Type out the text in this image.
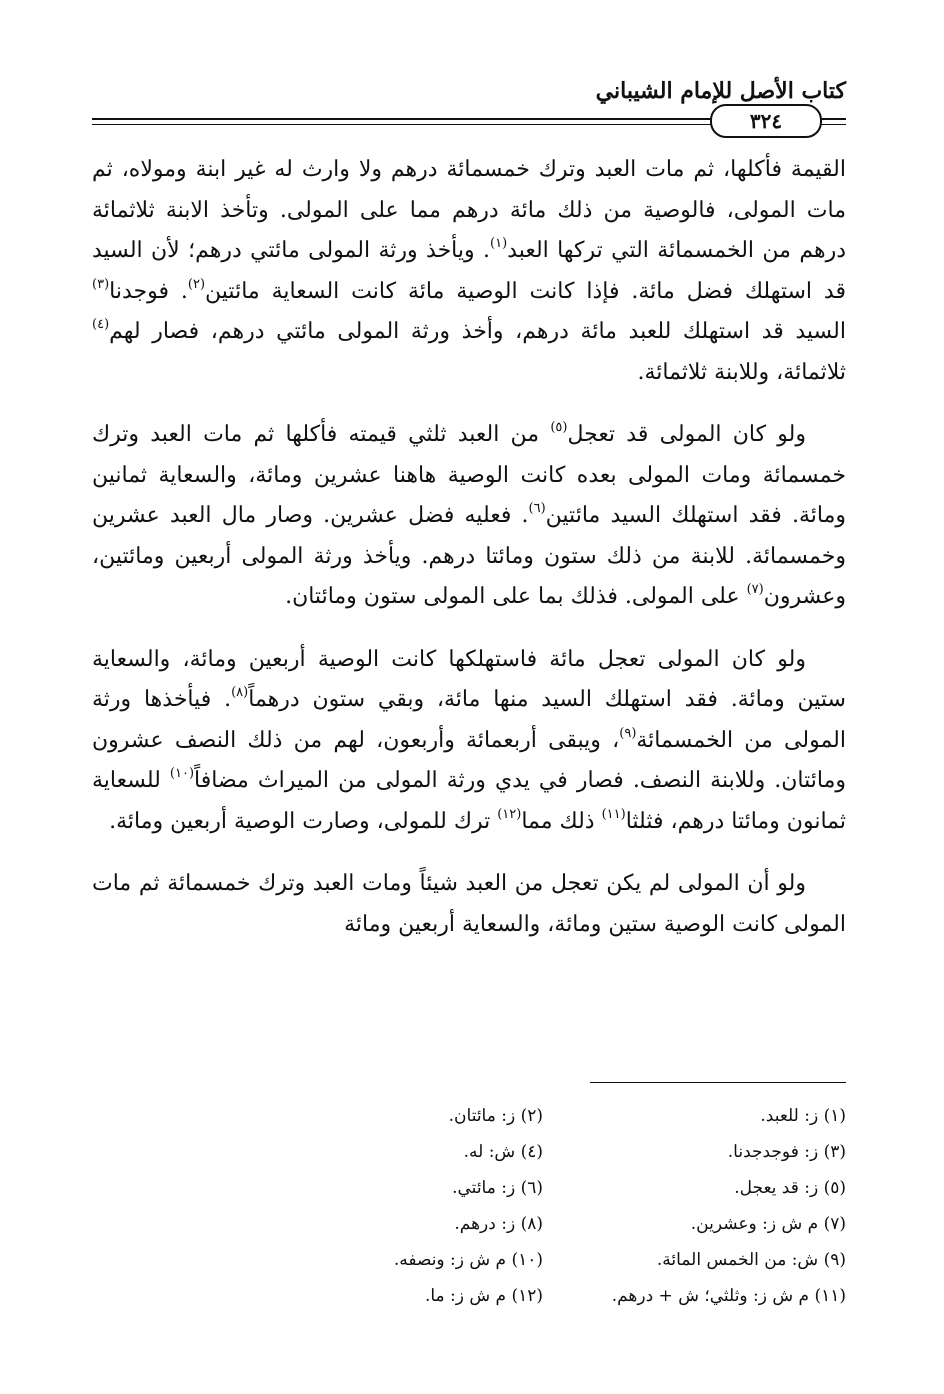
٣٢٤
كتاب الأصل للإمام الشيباني

القيمة فأكلها، ثم مات العبد وترك خمسمائة درهم ولا وارث له غير ابنة ومولاه، ثم مات المولى، فالوصية من ذلك مائة درهم مما على المولى. وتأخذ الابنة ثلاثمائة درهم من الخمسمائة التي تركها العبد$^{(١)}$. ويأخذ ورثة المولى مائتي درهم؛ لأن السيد قد استهلك فضل مائة. فإذا كانت الوصية مائة كانت السعاية مائتين$^{(٢)}$. فوجدنا$^{(٣)}$ السيد قد استهلك للعبد مائة درهم، وأخذ ورثة المولى مائتي درهم، فصار لهم$^{(٤)}$ ثلاثمائة، وللابنة ثلاثمائة.

ولو كان المولى قد تعجل$^{(٥)}$ من العبد ثلثي قيمته فأكلها ثم مات العبد وترك خمسمائة ومات المولى بعده كانت الوصية هاهنا عشرين ومائة، والسعاية ثمانين ومائة. فقد استهلك السيد مائتين$^{(٦)}$. فعليه فضل عشرين. وصار مال العبد عشرين وخمسمائة. للابنة من ذلك ستون ومائتا درهم. ويأخذ ورثة المولى أربعين ومائتين، وعشرون$^{(٧)}$ على المولى. فذلك بما على المولى ستون ومائتان.

ولو كان المولى تعجل مائة فاستهلكها كانت الوصية أربعين ومائة، والسعاية ستين ومائة. فقد استهلك السيد منها مائة، وبقي ستون درهماً$^{(٨)}$. فيأخذها ورثة المولى من الخمسمائة$^{(٩)}$، ويبقى أربعمائة وأربعون، لهم من ذلك النصف عشرون ومائتان. وللابنة النصف. فصار في يدي ورثة المولى من الميراث مضافاً$^{(١٠)}$ للسعاية ثمانون ومائتا درهم، فثلثا$^{(١١)}$ ذلك مما$^{(١٢)}$ ترك للمولى، وصارت الوصية أربعين ومائة.

ولو أن المولى لم يكن تعجل من العبد شيئاً ومات العبد وترك خمسمائة ثم مات المولى كانت الوصية ستين ومائة، والسعاية أربعين ومائة

(١) ز: للعبد.
(٢) ز: مائتان.
(٣) ز: فوجدجدنا.
(٤) ش: له.
(٥) ز: قد يعجل.
(٦) ز: مائتي.
(٧) م ش ز: وعشرين.
(٨) ز: درهم.
(٩) ش: من الخمس المائة.
(١٠) م ش ز: ونصفه.
(١١) م ش ز: وثلثي؛ ش + درهم.
(١٢) م ش ز: ما.
